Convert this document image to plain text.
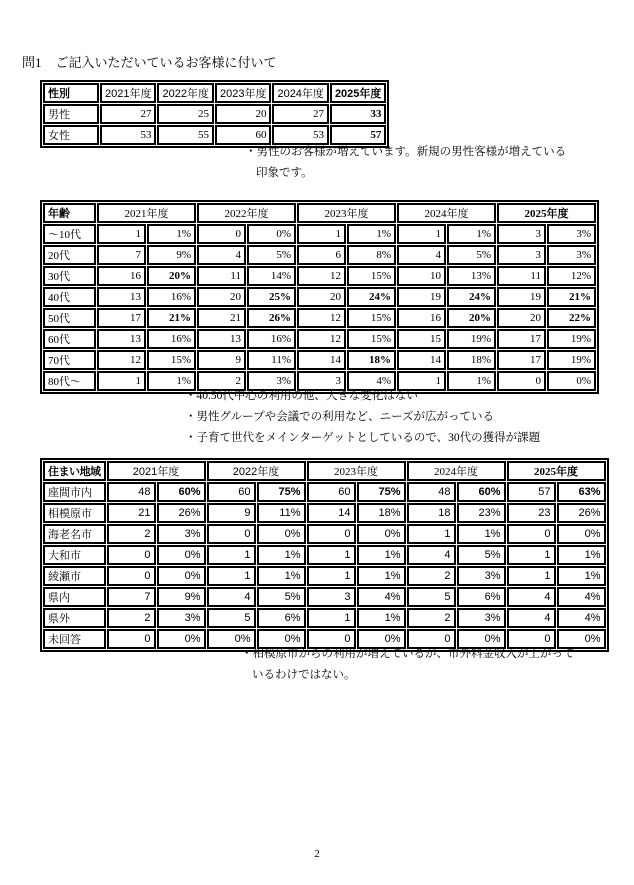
問1 ご記入いただいているお客様に付いて
性別	2021年度	2022年度	2023年度	2024年度	2025年度
男性	27	25	20	27	33
女性	53	55	60	53	57
・男性のお客様が増えています。新規の男性客様が増えている
印象です。
年齢	2021年度		2022年度		2023年度		2024年度		2025年度	
～10代	1	1%	0	0%	1	1%	1	1%	3	3%
20代	7	9%	4	5%	6	8%	4	5%	3	3%
30代	16	20%	11	14%	12	15%	10	13%	11	12%
40代	13	16%	20	25%	20	24%	19	24%	19	21%
50代	17	21%	21	26%	12	15%	16	20%	20	22%
60代	13	16%	13	16%	12	15%	15	19%	17	19%
70代	12	15%	9	11%	14	18%	14	18%	17	19%
80代～	1	1%	2	3%	3	4%	1	1%	0	0%
・40.50代中心の利用の他、大きな変化はない
・男性グループや会議での利用など、ニーズが広がっている
・子育て世代をメインターゲットとしているので、30代の獲得が課題
住まい地域	2021年度		2022年度		2023年度		2024年度		2025年度	
座間市内	48	60%	60	75%	60	75%	48	60%	57	63%
相模原市	21	26%	9	11%	14	18%	18	23%	23	26%
海老名市	2	3%	0	0%	0	0%	1	1%	0	0%
大和市	0	0%	1	1%	1	1%	4	5%	1	1%
綾瀬市	0	0%	1	1%	1	1%	2	3%	1	1%
県内	7	9%	4	5%	3	4%	5	6%	4	4%
県外	2	3%	5	6%	1	1%	2	3%	4	4%
未回答	0	0%	0%	0%	0	0%	0	0%	0	0%
・相模原市からの利用が増えているが、市外料金収入が上がって
いるわけではない。
2
